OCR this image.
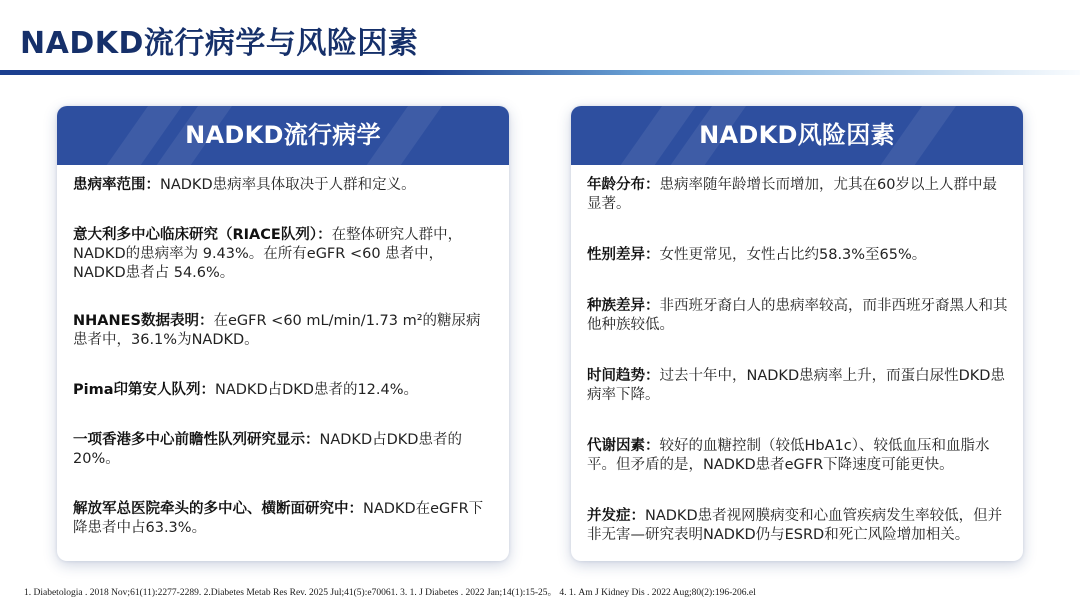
NADKD流行病学与风险因素
NADKD流行病学

患病率范围：NADKD患病率具体取决于人群和定义。

意大利多中心临床研究（RIACE队列）：在整体研究人群中，NADKD的患病率为 9.43%。在所有eGFR <60 患者中，NADKD患者占 54.6%。

NHANES数据表明：在eGFR <60 mL/min/1.73 m²的糖尿病患者中，36.1%为NADKD。

Pima印第安人队列：NADKD占DKD患者的12.4%。

一项香港多中心前瞻性队列研究显示：NADKD占DKD患者的20%。

解放军总医院牵头的多中心、横断面研究中：NADKD在eGFR下降患者中占63.3%。

NADKD风险因素

年龄分布：患病率随年龄增长而增加，尤其在60岁以上人群中最显著。

性别差异：女性更常见，女性占比约58.3%至65%。

种族差异：非西班牙裔白人的患病率较高，而非西班牙裔黑人和其他种族较低。

时间趋势：过去十年中，NADKD患病率上升，而蛋白尿性DKD患病率下降。

代谢因素：较好的血糖控制（较低HbA1c）、较低血压和血脂水平。但矛盾的是，NADKD患者eGFR下降速度可能更快。

并发症：NADKD患者视网膜病变和心血管疾病发生率较低，但并非无害—研究表明NADKD仍与ESRD和死亡风险增加相关。

1. Diabetologia . 2018 Nov;61(11):2277-2289. 2.Diabetes Metab Res Rev. 2025 Jul;41(5):e70061. 3. 1. J Diabetes . 2022 Jan;14(1):15-25。 4. 1. Am J Kidney Dis . 2022 Aug;80(2):196-206.el
